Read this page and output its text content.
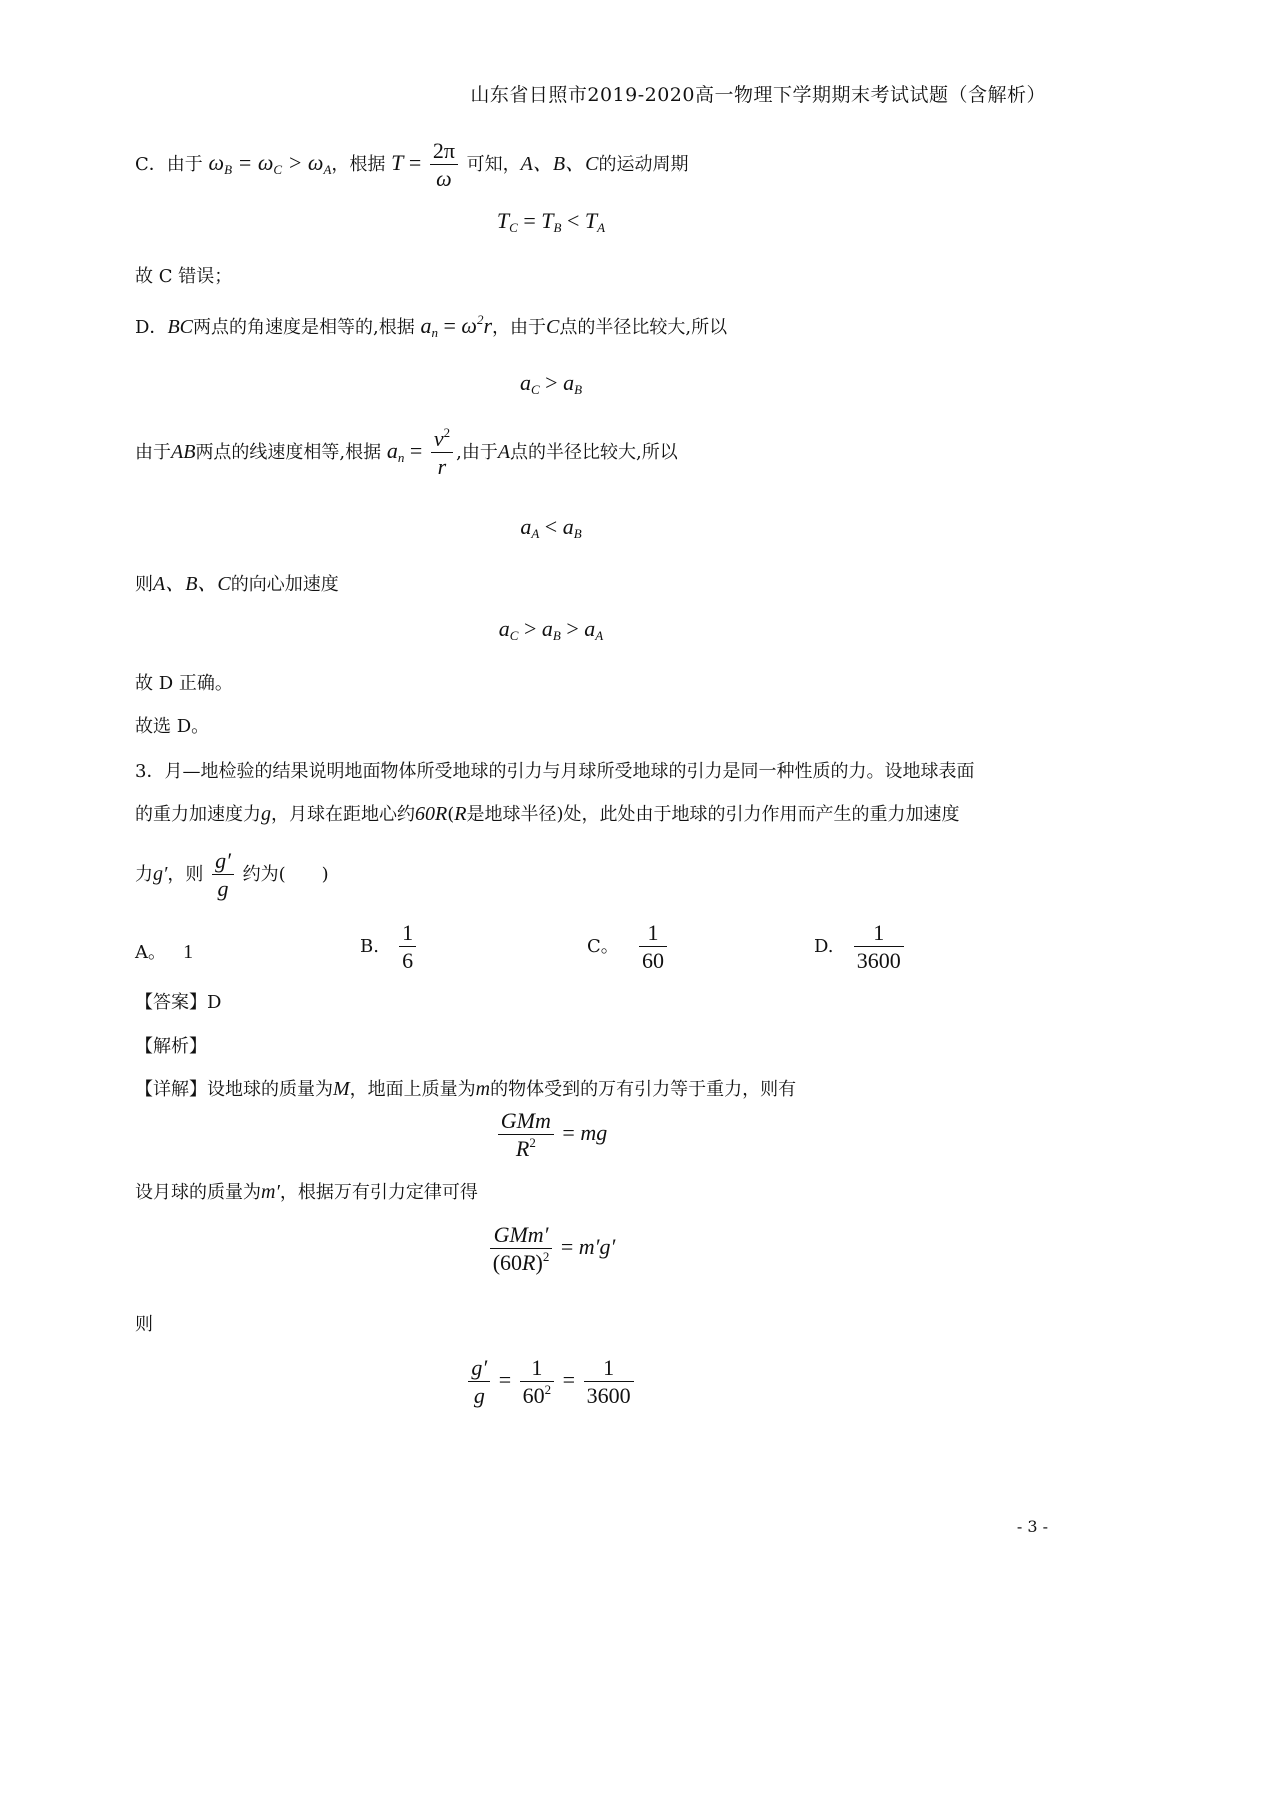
山东省日照市2019-2020高一物理下学期期末考试试题（含解析）
C．由于 $\omega_B = \omega_C > \omega_A$，根据 $T = \frac{2\pi}{\omega}$ 可知，A、B、C的运动周期
$T_C = T_B < T_A$
故 C 错误；
D．BC两点的角速度是相等的,根据 $a_n = \omega^2r$，由于C点的半径比较大,所以
$a_C > a_B$
由于AB两点的线速度相等,根据 $a_n = \frac{v^2}{r}$ ,由于A点的半径比较大,所以
$a_A < a_B$
则A、B、C的向心加速度
$a_C > a_B > a_A$
故 D 正确。
故选 D。
3．月—地检验的结果说明地面物体所受地球的引力与月球所受地球的引力是同一种性质的力。设地球表面
的重力加速度力g，月球在距地心约60R(R是地球半径)处，此处由于地球的引力作用而产生的重力加速度
力g′，则 $\frac{g'}{g}$ 约为(　　)
A。 1	B. $\frac{1}{6}$	C。 $\frac{1}{60}$	D. $\frac{1}{3600}$
【答案】D
【解析】
【详解】设地球的质量为M，地面上质量为m的物体受到的万有引力等于重力，则有
$\frac{\text{GMm}}{R^2}$ = mg
设月球的质量为m′，根据万有引力定律可得
$\frac{\text{GMm′}}{(60R)^2} = m'g'$
则
$\frac{g'}{g} = \frac{1}{60^2} = \frac{1}{3600}$
- 3 -
